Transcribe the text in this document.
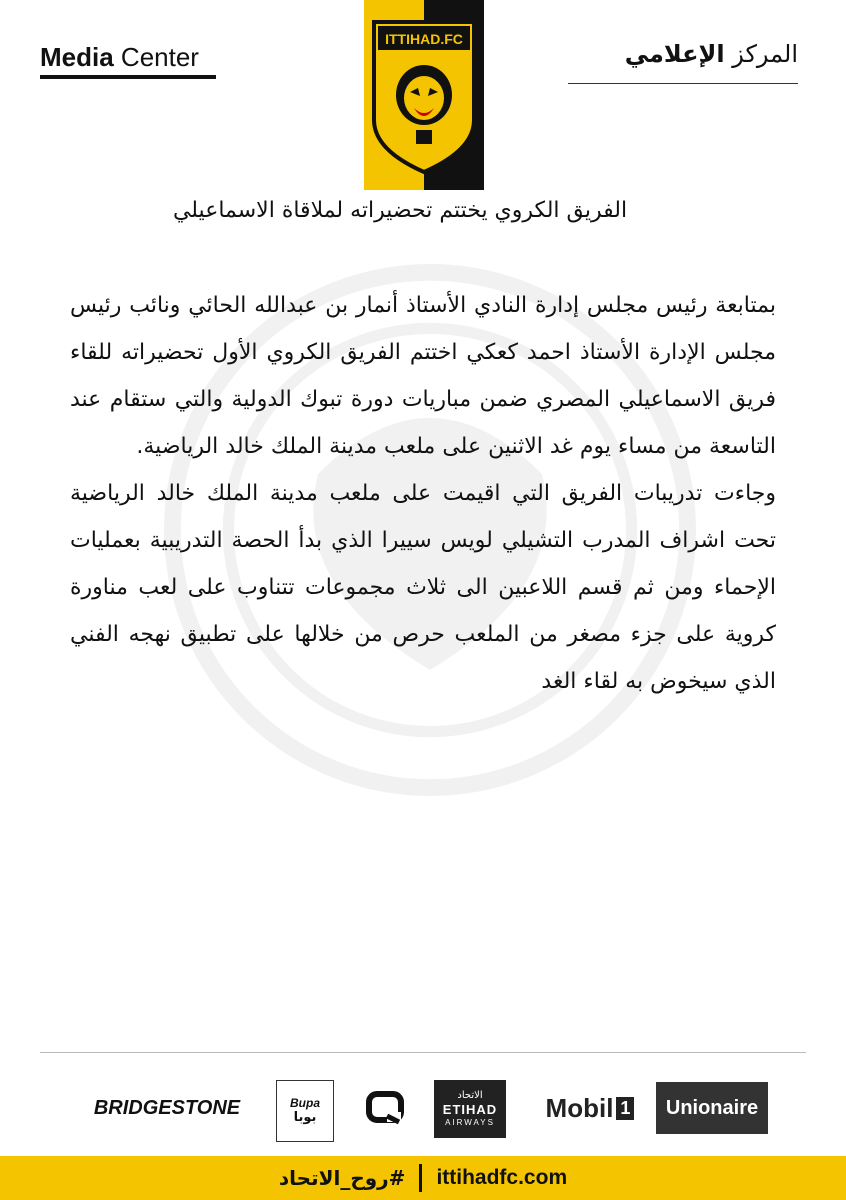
Media Center
ITTIHAD.FC
المركز الإعلامي
الفريق الكروي يختتم تحضيراته لملاقاة الاسماعيلي

بمتابعة رئيس مجلس إدارة النادي الأستاذ أنمار بن عبدالله الحائي ونائب رئيس مجلس الإدارة الأستاذ احمد كعكي اختتم الفريق الكروي الأول تحضيراته للقاء فريق الاسماعيلي المصري ضمن مباريات دورة تبوك الدولية والتي ستقام عند التاسعة من مساء يوم غد الاثنين على ملعب مدينة الملك خالد الرياضية.

وجاءت تدريبات الفريق التي اقيمت على ملعب مدينة الملك خالد الرياضية تحت اشراف المدرب التشيلي لويس سييرا الذي بدأ الحصة التدريبية بعمليات الإحماء ومن ثم قسم اللاعبين الى ثلاث مجموعات تتناوب على لعب مناورة كروية على جزء مصغر من الملعب حرص من خلالها على تطبيق نهجه الفني الذي سيخوض به لقاء الغد

BRIDGESTONE	Bupa
بوبا
الاتحاد
ETIHAD
AIRWAYS Mobil 1	Unionaire
#روح_الاتحاد ittihadfc.com
